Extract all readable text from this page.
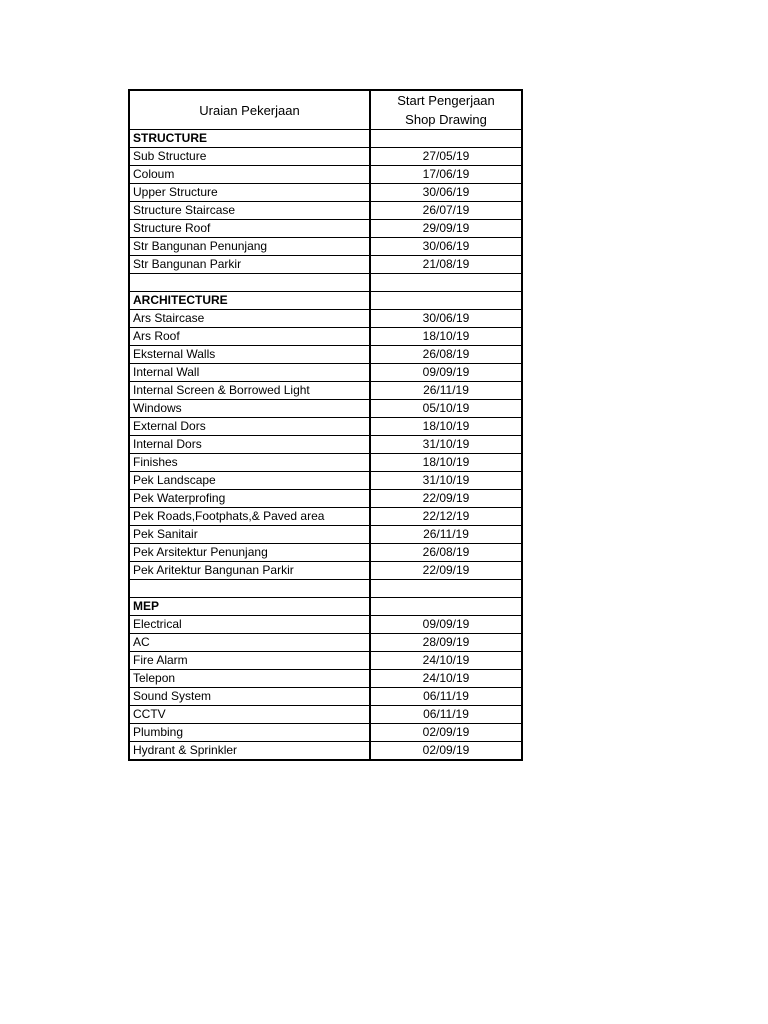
Uraian Pekerjaan	Start Pengerjaan
Shop Drawing

STRUCTURE	
Sub Structure	27/05/19
Coloum	17/06/19
Upper Structure	30/06/19
Structure Staircase	26/07/19
Structure Roof	29/09/19
Str Bangunan Penunjang	30/06/19
Str Bangunan Parkir	21/08/19

ARCHITECTURE	
Ars Staircase	30/06/19
Ars Roof	18/10/19
Eksternal Walls	26/08/19
Internal Wall	09/09/19
Internal Screen & Borrowed Light	26/11/19
Windows	05/10/19
External Dors	18/10/19
Internal Dors	31/10/19
Finishes	18/10/19
Pek Landscape	31/10/19
Pek Waterprofing	22/09/19
Pek Roads,Footphats,& Paved area	22/12/19
Pek Sanitair	26/11/19
Pek Arsitektur Penunjang	26/08/19
Pek Aritektur Bangunan Parkir	22/09/19

MEP	
Electrical	09/09/19
AC	28/09/19
Fire Alarm	24/10/19
Telepon	24/10/19
Sound System	06/11/19
CCTV	06/11/19
Plumbing	02/09/19
Hydrant & Sprinkler	02/09/19
